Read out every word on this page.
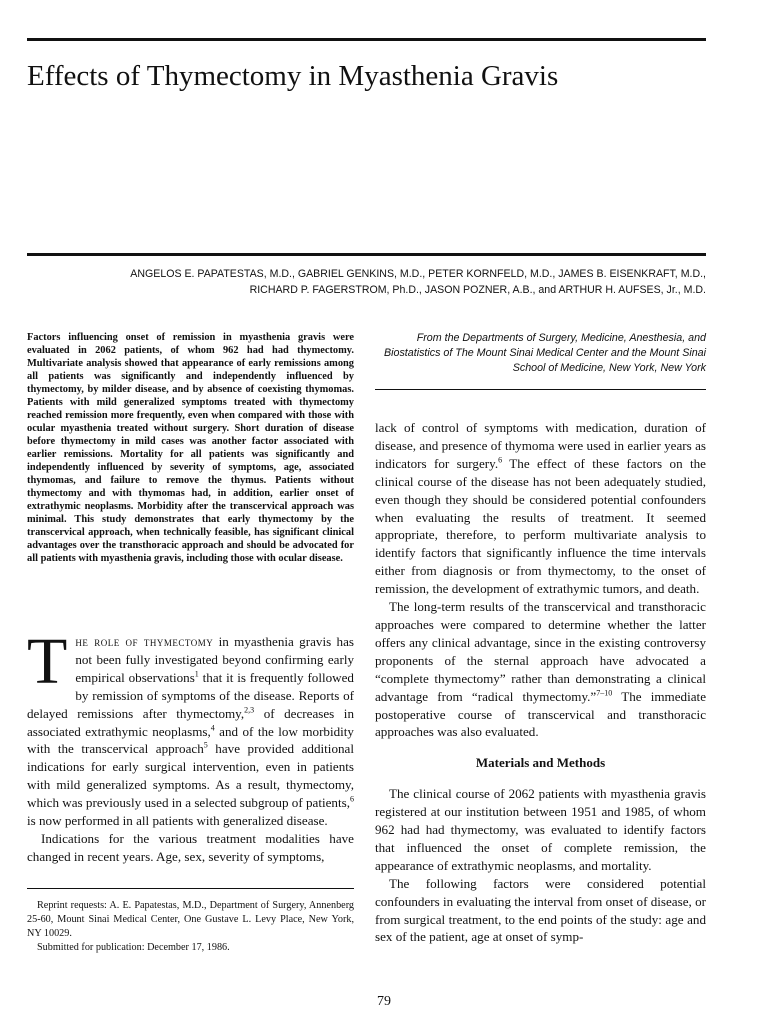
Effects of Thymectomy in Myasthenia Gravis
ANGELOS E. PAPATESTAS, M.D., GABRIEL GENKINS, M.D., PETER KORNFELD, M.D., JAMES B. EISENKRAFT, M.D.,
RICHARD P. FAGERSTROM, Ph.D., JASON POZNER, A.B., and ARTHUR H. AUFSES, Jr., M.D.

Factors influencing onset of remission in myasthenia gravis were evaluated in 2062 patients, of whom 962 had had thymectomy. Multivariate analysis showed that appearance of early remissions among all patients was significantly and independently influenced by thymectomy, by milder disease, and by absence of coexisting thymomas. Patients with mild generalized symptoms treated with thymectomy reached remission more frequently, even when compared with those with ocular myasthenia treated without surgery. Short duration of disease before thymectomy in mild cases was another factor associated with earlier remissions. Mortality for all patients was significantly and independently influenced by severity of symptoms, age, associated thymomas, and failure to remove the thymus. Patients without thymectomy and with thymomas had, in addition, earlier onset of extrathymic neoplasms. Morbidity after the transcervical approach was minimal. This study demonstrates that early thymectomy by the transcervical approach, when technically feasible, has significant clinical advantages over the transthoracic approach and should be advocated for all patients with myasthenia gravis, including those with ocular disease.

The role of thymectomy in myasthenia gravis has not been fully investigated beyond confirming early empirical observations$^1$ that it is frequently followed by remission of symptoms of the disease. Reports of delayed remissions after thymectomy,$^{2,3}$ of decreases in associated extrathymic neoplasms,$^4$ and of the low morbidity with the transcervical approach$^5$ have provided additional indications for early surgical intervention, even in patients with mild generalized symptoms. As a result, thymectomy, which was previously used in a selected subgroup of patients,$^6$ is now performed in all patients with generalized disease.

Indications for the various treatment modalities have changed in recent years. Age, sex, severity of symptoms,

Reprint requests: A. E. Papatestas, M.D., Department of Surgery, Annenberg 25-60, Mount Sinai Medical Center, One Gustave L. Levy Place, New York, NY 10029.

Submitted for publication: December 17, 1986.

From the Departments of Surgery, Medicine, Anesthesia, and Biostatistics of The Mount Sinai Medical Center and the Mount Sinai School of Medicine, New York, New York

lack of control of symptoms with medication, duration of disease, and presence of thymoma were used in earlier years as indicators for surgery.$^6$ The effect of these factors on the clinical course of the disease has not been adequately studied, even though they should be considered potential confounders when evaluating the results of treatment. It seemed appropriate, therefore, to perform multivariate analysis to identify factors that significantly influence the time intervals either from diagnosis or from thymectomy, to the onset of remission, the development of extrathymic tumors, and death.

The long-term results of the transcervical and transthoracic approaches were compared to determine whether the latter offers any clinical advantage, since in the existing controversy proponents of the sternal approach have advocated a “complete thymectomy” rather than demonstrating a clinical advantage from “radical thymectomy.”$^{7-10}$ The immediate postoperative course of transcervical and transthoracic approaches was also evaluated.

Materials and Methods

The clinical course of 2062 patients with myasthenia gravis registered at our institution between 1951 and 1985, of whom 962 had had thymectomy, was evaluated to identify factors that influenced the onset of complete remission, the appearance of extrathymic neoplasms, and mortality.

The following factors were considered potential confounders in evaluating the interval from onset of disease, or from surgical treatment, to the end points of the study: age and sex of the patient, age at onset of symp-

79
